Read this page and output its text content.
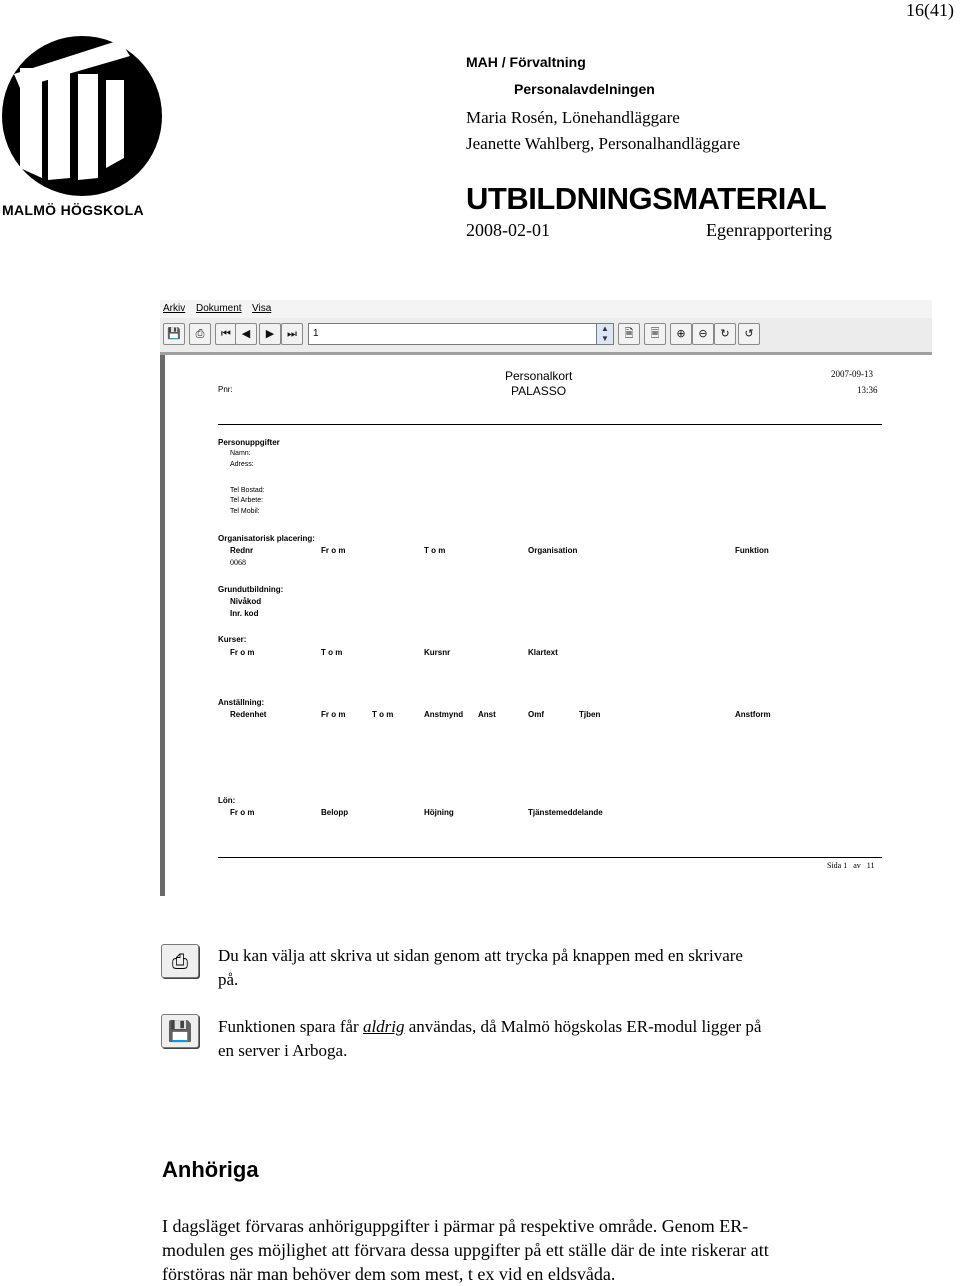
16(41)
MALMÖ HÖGSKOLA
MAH / Förvaltning
Personalavdelningen
Maria Rosén, Lönehandläggare
Jeanette Wahlberg, Personalhandläggare
UTBILDNINGSMATERIAL
2008-02-01	Egenrapportering
Arkiv Dokument Visa
💾	⎙	⏮ ◀	▶	⏭	1	▲
▼	🗎	🗏	⊕	⊖	↻	↺
Personalkort
PALASSO
2007-09-13
13:36
Pnr:
Personuppgifter
Namn:
Adress:
Tel Bostad:
Tel Arbete:
Tel Mobil:
Organisatorisk placering:
Rednr	Fr o m	T o m	Organisation	Funktion
0068
Grundutbildning:
Nivåkod
Inr. kod
Kurser:
Fr o m	T o m	Kursnr	Klartext
Anställning:
Redenhet	Fr o m	T o m	Anstmynd Anst	Omf	Tjben	Anstform
Lön:
Fr o m	Belopp	Höjning	Tjänstemeddelande
Sida 1 av 11
⎙	Du kan välja att skriva ut sidan genom att trycka på knappen med en skrivare
på.
💾	Funktionen spara får aldrig användas, då Malmö högskolas ER-modul ligger på
en server i Arboga.
Anhöriga
I dagsläget förvaras anhöriguppgifter i pärmar på respektive område. Genom ER-
modulen ges möjlighet att förvara dessa uppgifter på ett ställe där de inte riskerar att
förstöras när man behöver dem som mest, t ex vid en eldsvåda.
